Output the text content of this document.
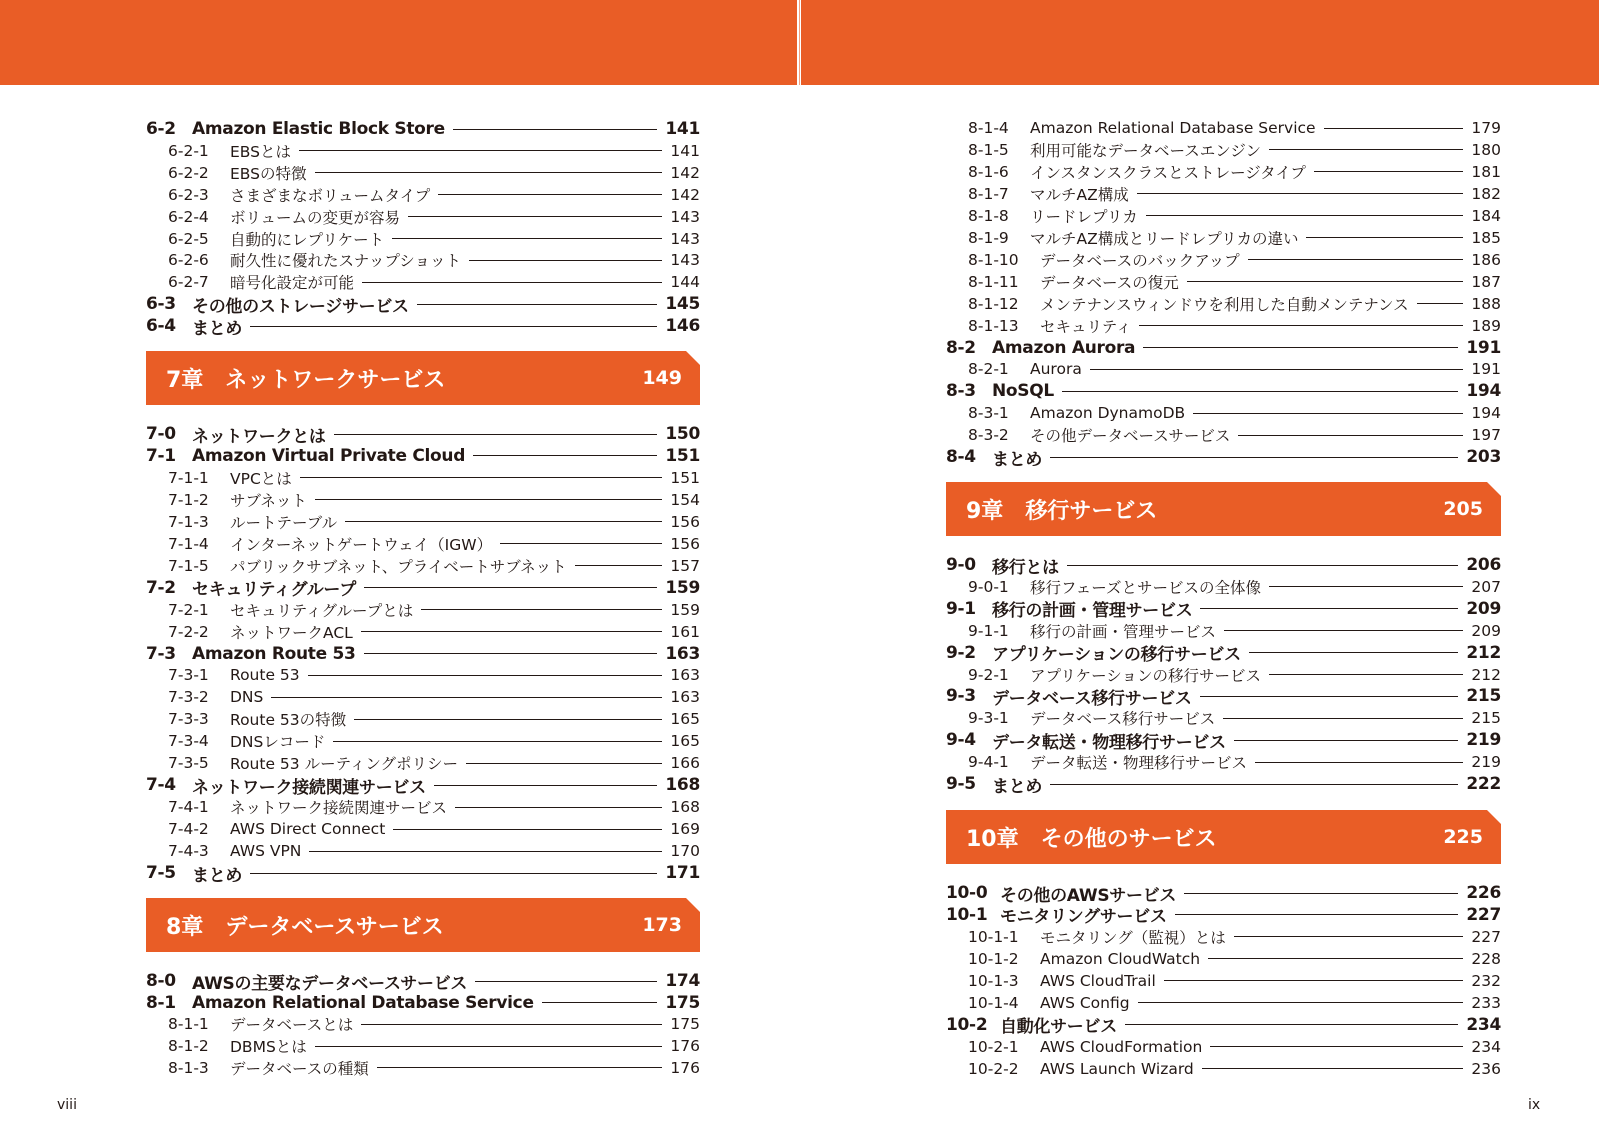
6-2 Amazon Elastic Block Store	141
6-2-1	EBSとは	141
6-2-2	EBSの特徴	142
6-2-3	さまざまなボリュームタイプ	142
6-2-4	ボリュームの変更が容易	143
6-2-5	自動的にレプリケート	143
6-2-6	耐久性に優れたスナップショット	143
6-2-7	暗号化設定が可能	144
6-3 その他のストレージサービス	145
6-4 まとめ	146
7章 ネットワークサービス	149
7-0 ネットワークとは	150
7-1 Amazon Virtual Private Cloud	151
7-1-1	VPCとは	151
7-1-2	サブネット	154
7-1-3	ルートテーブル	156
7-1-4	インターネットゲートウェイ（IGW）	156
7-1-5	パブリックサブネット、プライベートサブネット	157
7-2 セキュリティグループ	159
7-2-1	セキュリティグループとは	159
7-2-2	ネットワークACL	161
7-3 Amazon Route 53	163
7-3-1	Route 53	163
7-3-2	DNS	163
7-3-3	Route 53の特徴	165
7-3-4	DNSレコード	165
7-3-5	Route 53 ルーティングポリシー	166
7-4 ネットワーク接続関連サービス	168
7-4-1	ネットワーク接続関連サービス	168
7-4-2	AWS Direct Connect	169
7-4-3	AWS VPN	170
7-5 まとめ	171
8章 データベースサービス	173
8-0 AWSの主要なデータベースサービス	174
8-1 Amazon Relational Database Service	175
8-1-1	データベースとは	175
8-1-2	DBMSとは	176
8-1-3	データベースの種類	176
8-1-4	Amazon Relational Database Service	179
8-1-5	利用可能なデータベースエンジン	180
8-1-6	インスタンスクラスとストレージタイプ	181
8-1-7	マルチAZ構成	182
8-1-8	リードレプリカ	184
8-1-9	マルチAZ構成とリードレプリカの違い	185
8-1-10	データベースのバックアップ	186
8-1-11	データベースの復元	187
8-1-12	メンテナンスウィンドウを利用した自動メンテナンス	188
8-1-13	セキュリティ	189
8-2 Amazon Aurora	191
8-2-1	Aurora	191
8-3 NoSQL	194
8-3-1	Amazon DynamoDB	194
8-3-2	その他データベースサービス	197
8-4 まとめ	203
9章 移行サービス	205
9-0 移行とは	206
9-0-1	移行フェーズとサービスの全体像	207
9-1 移行の計画・管理サービス	209
9-1-1	移行の計画・管理サービス	209
9-2 アプリケーションの移行サービス	212
9-2-1	アプリケーションの移行サービス	212
9-3 データベース移行サービス	215
9-3-1	データベース移行サービス	215
9-4 データ転送・物理移行サービス	219
9-4-1	データ転送・物理移行サービス	219
9-5 まとめ	222
10章 その他のサービス	225
10-0 その他のAWSサービス	226
10-1 モニタリングサービス	227
10-1-1	モニタリング（監視）とは	227
10-1-2	Amazon CloudWatch	228
10-1-3	AWS CloudTrail	232
10-1-4	AWS Config	233
10-2 自動化サービス	234
10-2-1	AWS CloudFormation	234
10-2-2	AWS Launch Wizard	236
viii	ix
